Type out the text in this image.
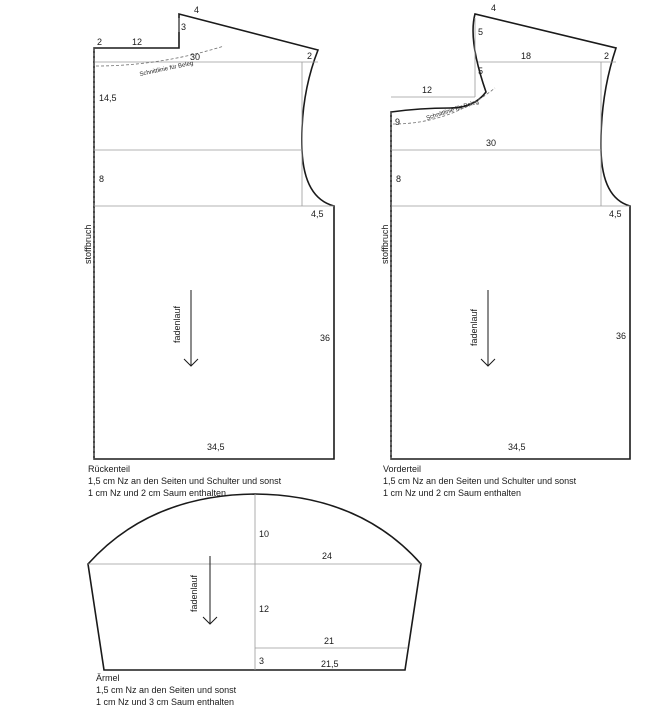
4
3
12
2
2
30
Schnittlinie für Beleg
14,5
8
4,5
36
34,5
stoffbruch
fadenlauf
4
5
5
12
18	2
Schnittlinie für Beleg
9
30
8
4,5
36
34,5
stoffbruch
fadenlauf
10
24
12
21
3	21,5
fadenlauf
Rückenteil
1,5 cm Nz an den Seiten und Schulter und sonst
1 cm Nz und 2 cm Saum enthalten
Vorderteil
1,5 cm Nz an den Seiten und Schulter und sonst
1 cm Nz und 2 cm Saum enthalten
Ärmel
1,5 cm Nz an den Seiten und sonst
1 cm Nz und 3 cm Saum enthalten
